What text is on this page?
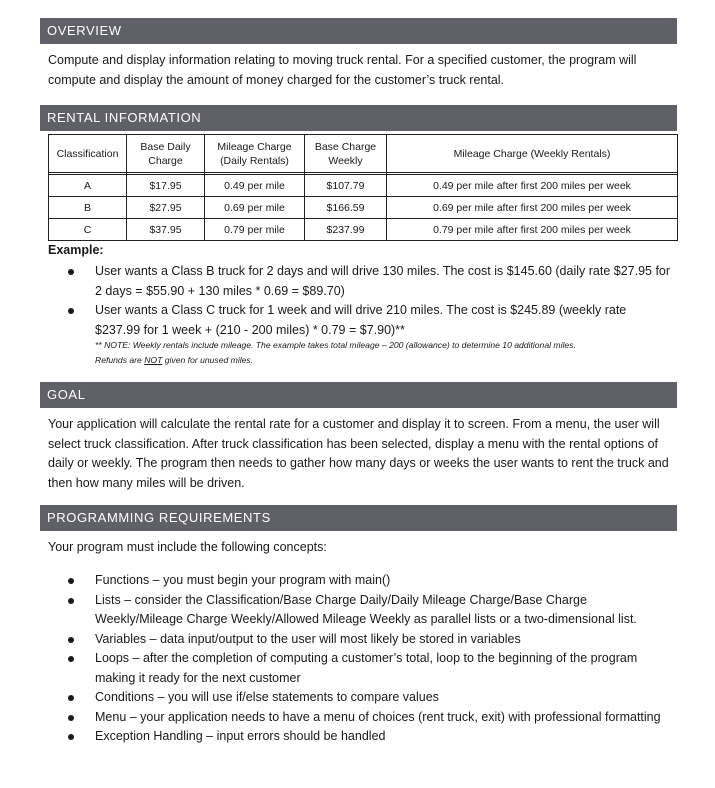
OVERVIEW
Compute and display information relating to moving truck rental. For a specified customer, the program will compute and display the amount of money charged for the customer’s truck rental.
RENTAL INFORMATION
Classification	Base Daily Charge	Mileage Charge (Daily Rentals)	Base Charge Weekly	Mileage Charge (Weekly Rentals)

A	$17.95	0.49 per mile	$107.79	0.49 per mile after first 200 miles per week
B	$27.95	0.69 per mile	$166.59	0.69 per mile after first 200 miles per week
C	$37.95	0.79 per mile	$237.99	0.79 per mile after first 200 miles per week
Example:
User wants a Class B truck for 2 days and will drive 130 miles. The cost is $145.60 (daily rate $27.95 for 2 days = $55.90 + 130 miles * 0.69 = $89.70)
User wants a Class C truck for 1 week and will drive 210 miles. The cost is $245.89 (weekly rate $237.99 for 1 week + (210 - 200 miles) * 0.79 = $7.90)**
** NOTE: Weekly rentals include mileage. The example takes total mileage – 200 (allowance) to determine 10 additional miles.
Refunds are NOT given for unused miles.
GOAL
Your application will calculate the rental rate for a customer and display it to screen. From a menu, the user will select truck classification. After truck classification has been selected, display a menu with the rental options of daily or weekly. The program then needs to gather how many days or weeks the user wants to rent the truck and then how many miles will be driven.
PROGRAMMING REQUIREMENTS
Your program must include the following concepts:
Functions – you must begin your program with main()
Lists – consider the Classification/Base Charge Daily/Daily Mileage Charge/Base Charge Weekly/Mileage Charge Weekly/Allowed Mileage Weekly as parallel lists or a two-dimensional list.
Variables – data input/output to the user will most likely be stored in variables
Loops – after the completion of computing a customer’s total, loop to the beginning of the program making it ready for the next customer
Conditions – you will use if/else statements to compare values
Menu – your application needs to have a menu of choices (rent truck, exit) with professional formatting
Exception Handling – input errors should be handled
